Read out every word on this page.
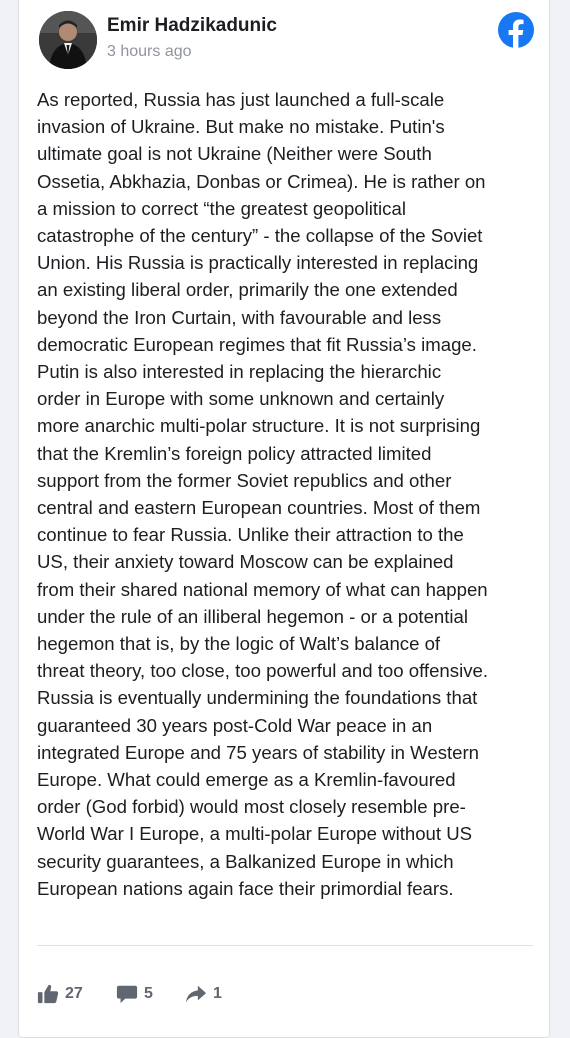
Emir Hadzikadunic
3 hours ago

As reported, Russia has just launched a full-scale
invasion of Ukraine. But make no mistake. Putin's
ultimate goal is not Ukraine (Neither were South
Ossetia, Abkhazia, Donbas or Crimea). He is rather on
a mission to correct “the greatest geopolitical
catastrophe of the century” - the collapse of the Soviet
Union. His Russia is practically interested in replacing
an existing liberal order, primarily the one extended
beyond the Iron Curtain, with favourable and less
democratic European regimes that fit Russia’s image.
Putin is also interested in replacing the hierarchic
order in Europe with some unknown and certainly
more anarchic multi-polar structure. It is not surprising
that the Kremlin’s foreign policy attracted limited
support from the former Soviet republics and other
central and eastern European countries. Most of them
continue to fear Russia. Unlike their attraction to the
US, their anxiety toward Moscow can be explained
from their shared national memory of what can happen
under the rule of an illiberal hegemon - or a potential
hegemon that is, by the logic of Walt’s balance of
threat theory, too close, too powerful and too offensive.
Russia is eventually undermining the foundations that
guaranteed 30 years post-Cold War peace in an
integrated Europe and 75 years of stability in Western
Europe. What could emerge as a Kremlin-favoured
order (God forbid) would most closely resemble pre-
World War I Europe, a multi-polar Europe without US
security guarantees, a Balkanized Europe in which
European nations again face their primordial fears.

27	5	1
